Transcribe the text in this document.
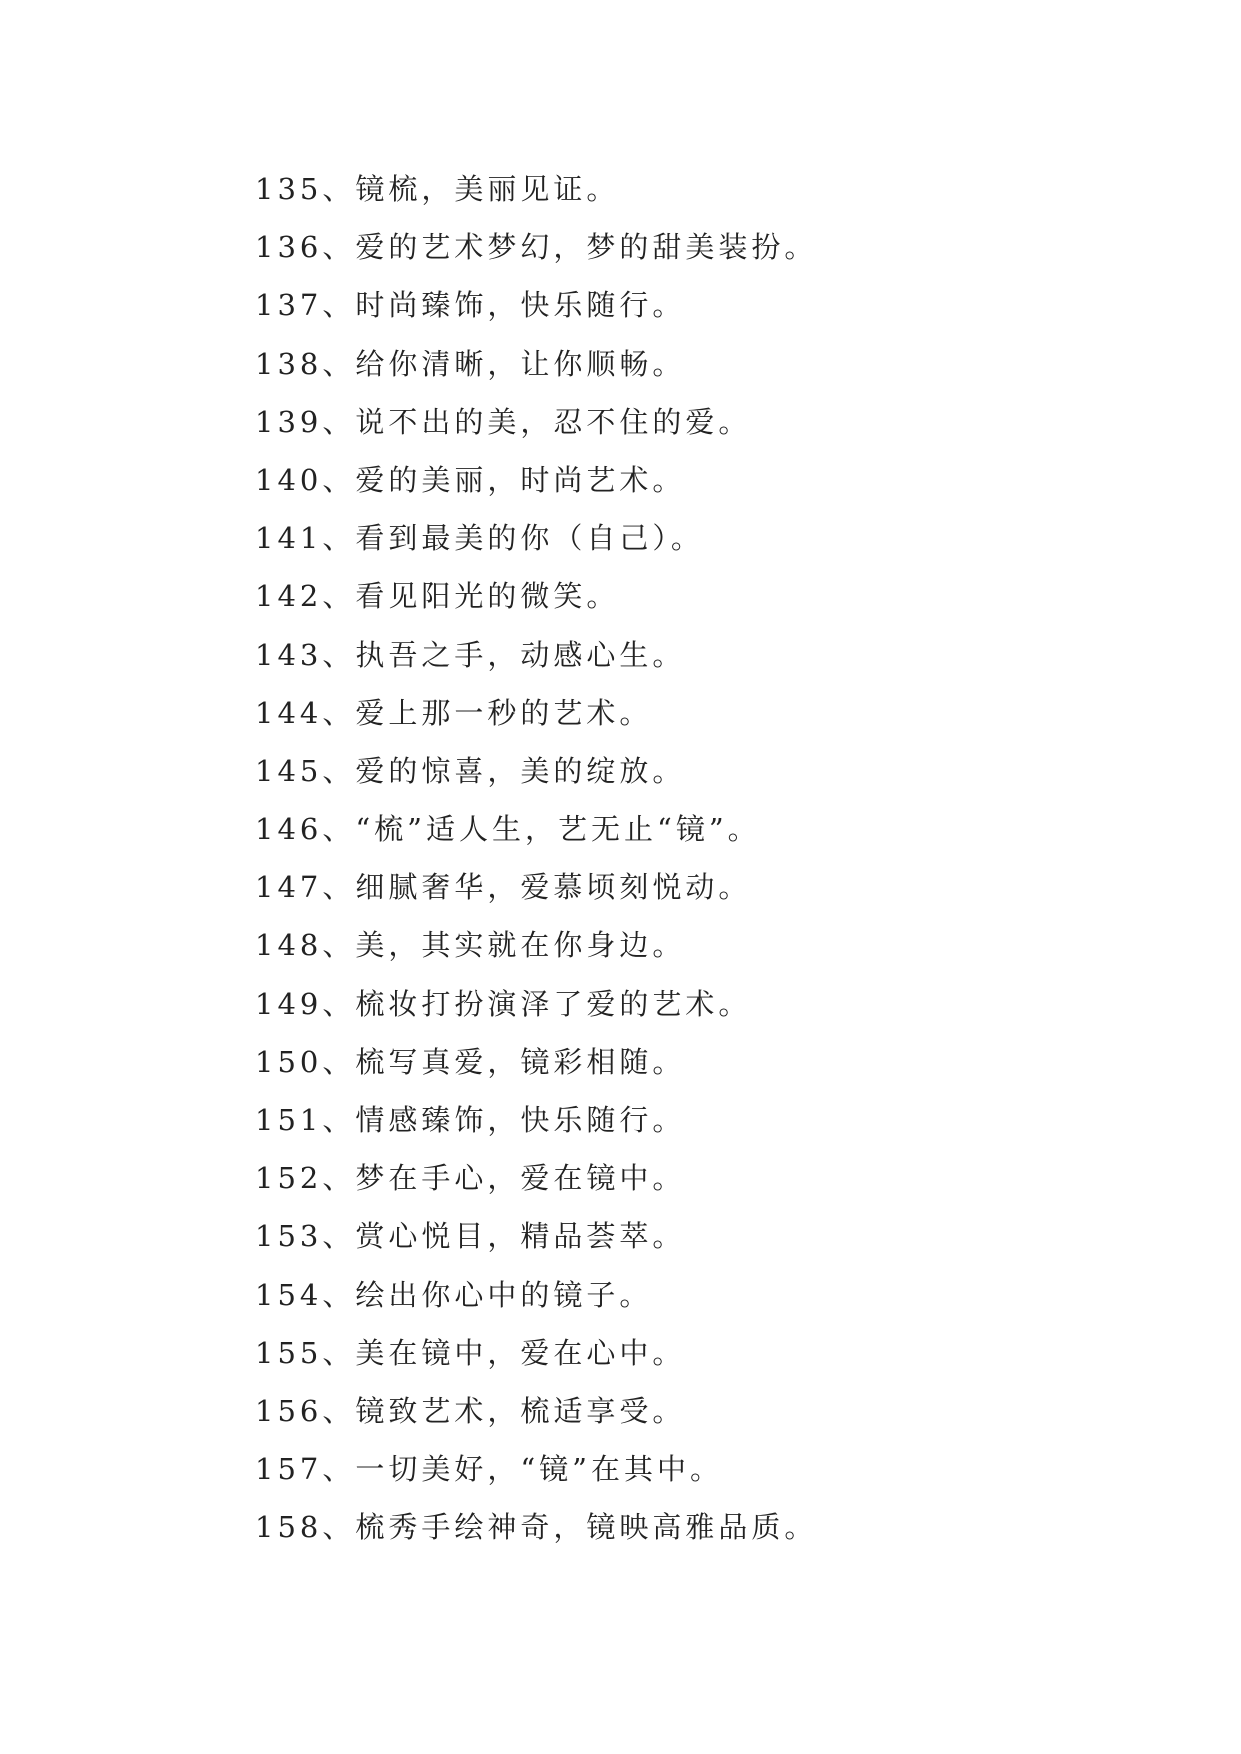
135、镜梳，美丽见证。
136、爱的艺术梦幻，梦的甜美装扮。
137、时尚臻饰，快乐随行。
138、给你清晰，让你顺畅。
139、说不出的美，忍不住的爱。
140、爱的美丽，时尚艺术。
141、看到最美的你（自己）。
142、看见阳光的微笑。
143、执吾之手，动感心生。
144、爱上那一秒的艺术。
145、爱的惊喜，美的绽放。
146、“梳”适人生，艺无止“镜”。
147、细腻奢华，爱慕顷刻悦动。
148、美，其实就在你身边。
149、梳妆打扮演泽了爱的艺术。
150、梳写真爱，镜彩相随。
151、情感臻饰，快乐随行。
152、梦在手心，爱在镜中。
153、赏心悦目，精品荟萃。
154、绘出你心中的镜子。
155、美在镜中，爱在心中。
156、镜致艺术，梳适享受。
157、一切美好，“镜”在其中。
158、梳秀手绘神奇，镜映高雅品质。
